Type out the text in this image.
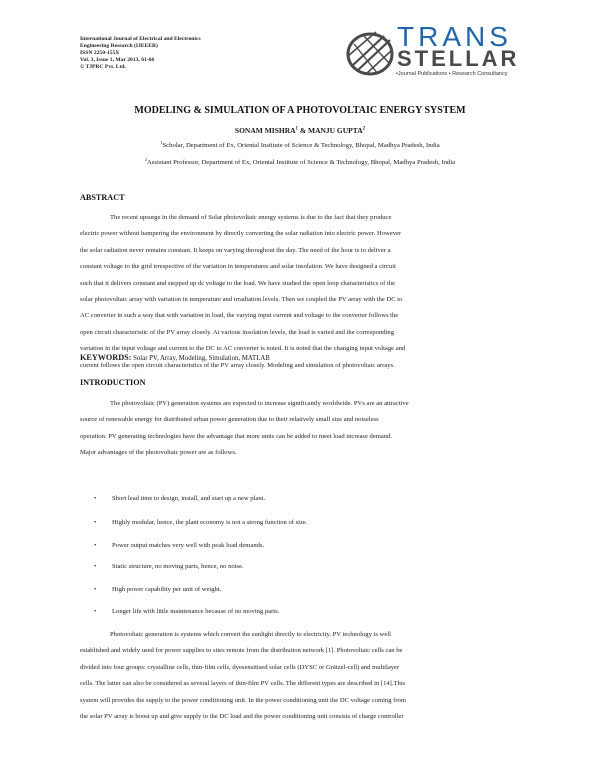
International Journal of Electrical and Electronics
Engineering Research (IJEEER)
ISSN 2250-155X
Vol. 3, Issue 1, Mar 2013, 61-66
© TJPRC Pvt. Ltd.
TRANS
STELLAR
•Journal Publications • Research Consultancy
MODELING & SIMULATION OF A PHOTOVOLTAIC ENERGY SYSTEM
SONAM MISHRA$^1$ & MANJU GUPTA$^2$
$^1$Scholar, Department of Ex, Oriental Institute of Science & Technology, Bhopal, Madhya Pradesh, India
$^2$Assistant Professor, Department of Ex, Oriental Institute of Science & Technology, Bhopal, Madhya Pradesh, India
ABSTRACT
The recent upsurge in the demand of Solar photovoltaic energy systems is due to the fact that they produce
electric power without hampering the environment by directly converting the solar radiation into electric power. However
the solar radiation never remains constant. It keeps on varying throughout the day. The need of the hour is to deliver a
constant voltage to the grid irrespective of the variation in temperatures and solar insolation. We have designed a circuit
such that it delivers constant and stepped up dc voltage to the load. We have studied the open loop characteristics of the
solar photovoltaic array with variation in temperature and irradiation levels. Then we coupled the PV array with the DC to
AC converter in such a way that with variation in load, the varying input current and voltage to the converter follows the
open circuit characteristic of the PV array closely. At various insolation levels, the load is varied and the corresponding
variation in the input voltage and current to the DC to AC converter is noted. It is noted that the changing input voltage and
current follows the open circuit characteristics of the PV array closely. Modeling and simulation of photovoltaic arrays.
KEYWORDS: Solar PV, Array, Modeling, Simulation, MATLAB
INTRODUCTION
The photovoltaic (PV) generation systems are expected to increase significantly worldwide. PVs are an attractive
source of renewable energy for distributed urban power generation due to their relatively small size and noiseless
operation. PV generating technologies have the advantage that more units can be added to meet load increase demand.
Major advantages of the photovoltaic power are as follows.
• Short lead time to design, install, and start up a new plant.
• Highly modular, hence, the plant economy is not a strong function of size.
• Power output matches very well with peak load demands.
• Static structure, no moving parts, hence, no noise.
• High power capability per unit of weight.
• Longer life with little maintenance because of no moving parts.
Photovoltaic generation is systems which convert the sunlight directly to electricity. PV technology is well
established and widely used for power supplies to sites remote from the distribution network [1]. Photovoltaic cells can be
divided into four groups: crystalline cells, thin-film cells, dyesensitised solar cells (DYSC or Grätzel-cell) and multilayer
cells. The latter can also be considered as several layers of thin-film PV cells. The different types are described in [14].This
system will provides the supply to the power conditioning unit. In the power conditioning unit the DC voltage coming from
the solar PV array is boost up and give supply to the DC load and the power conditioning unit consists of charge controller
